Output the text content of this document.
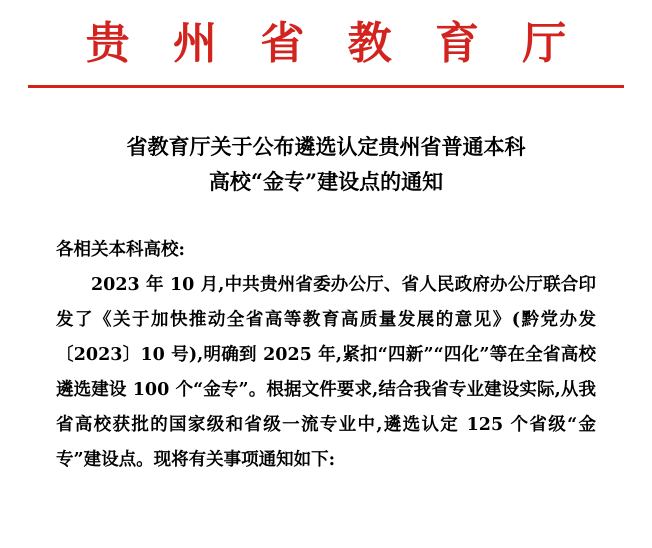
贵 州 省 教 育 厅
省教育厅关于公布遴选认定贵州省普通本科
高校“金专”建设点的通知
各相关本科高校:

2023 年 10 月,中共贵州省委办公厅、省人民政府办公厅联合印发了《关于加快推动全省高等教育高质量发展的意见》(黔党办发〔2023〕10 号),明确到 2025 年,紧扣“四新”“四化”等在全省高校遴选建设 100 个“金专”。根据文件要求,结合我省专业建设实际,从我省高校获批的国家级和省级一流专业中,遴选认定 125 个省级“金专”建设点。现将有关事项通知如下:
